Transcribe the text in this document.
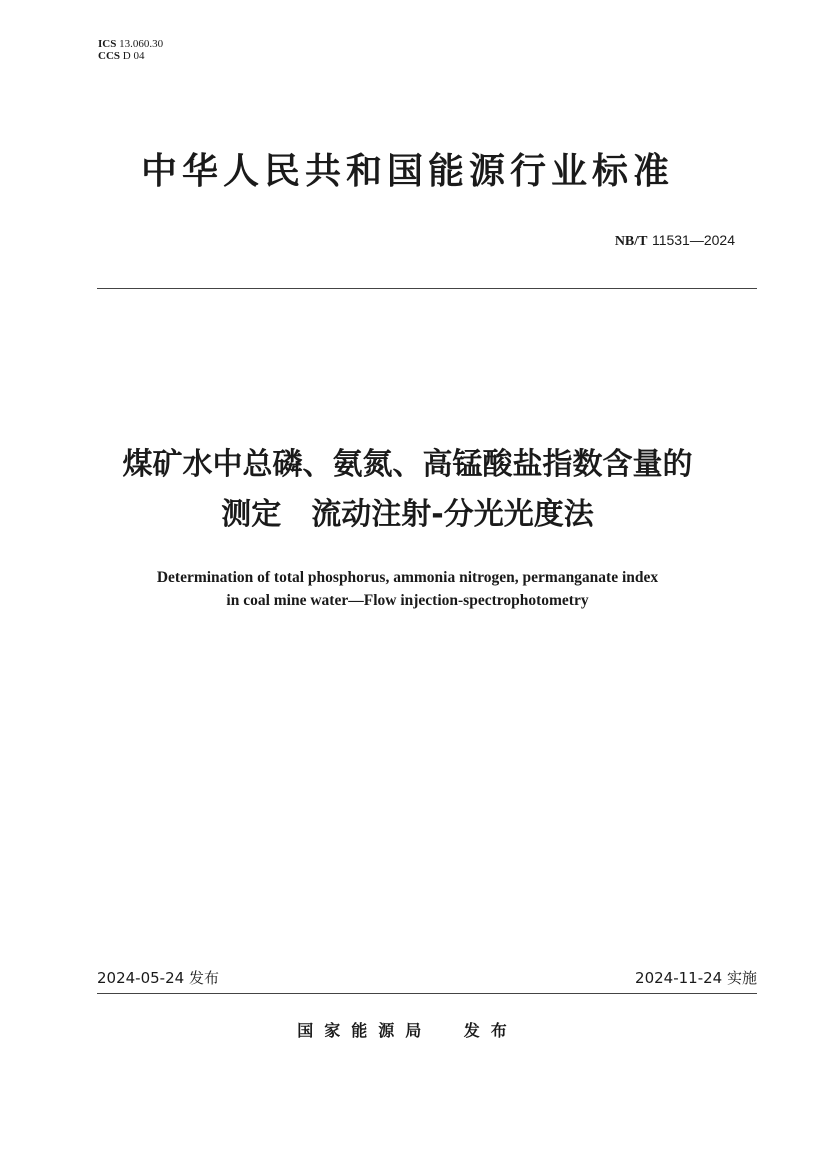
ICS 13.060.30
CCS D 04
中华人民共和国能源行业标准
NB/T 11531—2024
煤矿水中总磷、氨氮、高锰酸盐指数含量的
测定　流动注射-分光光度法
Determination of total phosphorus, ammonia nitrogen, permanganate index
in coal mine water—Flow injection-spectrophotometry
2024-05-24 发布	2024-11-24 实施
国家能源局 发布
